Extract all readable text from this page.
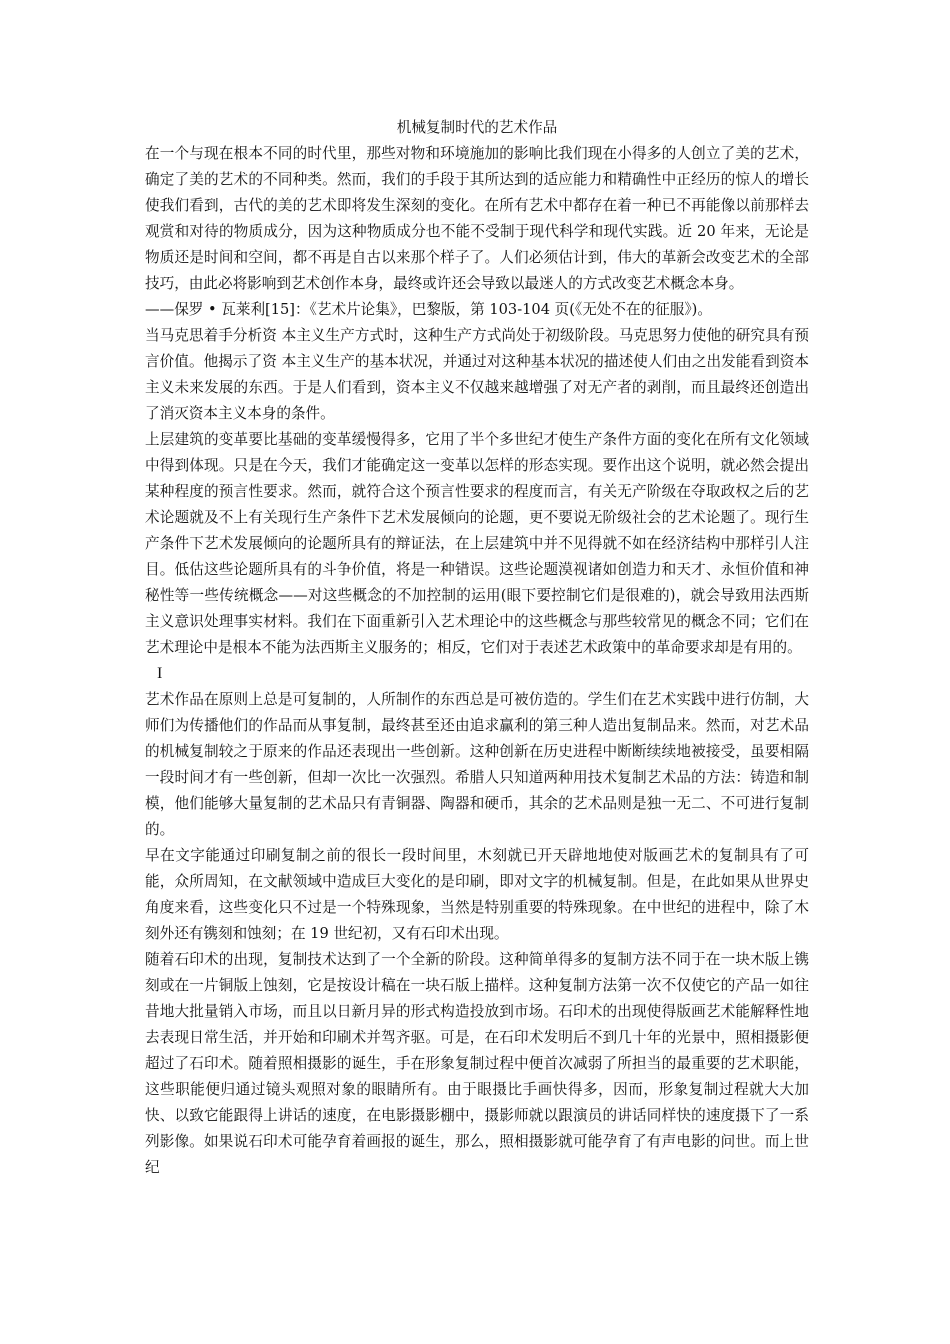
机械复制时代的艺术作品

在一个与现在根本不同的时代里，那些对物和环境施加的影响比我们现在小得多的人创立了美的艺术，确定了美的艺术的不同种类。然而，我们的手段于其所达到的适应能力和精确性中正经历的惊人的增长使我们看到，古代的美的艺术即将发生深刻的变化。在所有艺术中都存在着一种已不再能像以前那样去观赏和对待的物质成分，因为这种物质成分也不能不受制于现代科学和现代实践。近 20 年来，无论是物质还是时间和空间，都不再是自古以来那个样子了。人们必须估计到，伟大的革新会改变艺术的全部技巧，由此必将影响到艺术创作本身，最终或许还会导致以最迷人的方式改变艺术概念本身。

——保罗 • 瓦莱利[15]：《艺术片论集》，巴黎版，第 103-104 页(《无处不在的征服》)。

当马克思着手分析资 本主义生产方式时，这种生产方式尚处于初级阶段。马克思努力使他的研究具有预言价值。他揭示了资 本主义生产的基本状况，并通过对这种基本状况的描述使人们由之出发能看到资本主义未来发展的东西。于是人们看到，资本主义不仅越来越增强了对无产者的剥削，而且最终还创造出了消灭资本主义本身的条件。

上层建筑的变革要比基础的变革缓慢得多，它用了半个多世纪才使生产条件方面的变化在所有文化领域中得到体现。只是在今天，我们才能确定这一变革以怎样的形态实现。要作出这个说明，就必然会提出某种程度的预言性要求。然而，就符合这个预言性要求的程度而言，有关无产阶级在夺取政权之后的艺术论题就及不上有关现行生产条件下艺术发展倾向的论题，更不要说无阶级社会的艺术论题了。现行生产条件下艺术发展倾向的论题所具有的辩证法，在上层建筑中并不见得就不如在经济结构中那样引人注目。低估这些论题所具有的斗争价值，将是一种错误。这些论题漠视诸如创造力和天才、永恒价值和神秘性等一些传统概念——对这些概念的不加控制的运用(眼下要控制它们是很难的)，就会导致用法西斯主义意识处理事实材料。我们在下面重新引入艺术理论中的这些概念与那些较常见的概念不同；它们在艺术理论中是根本不能为法西斯主义服务的；相反，它们对于表述艺术政策中的革命要求却是有用的。

I

艺术作品在原则上总是可复制的，人所制作的东西总是可被仿造的。学生们在艺术实践中进行仿制，大师们为传播他们的作品而从事复制，最终甚至还由追求赢利的第三种人造出复制品来。然而，对艺术品的机械复制较之于原来的作品还表现出一些创新。这种创新在历史进程中断断续续地被接受，虽要相隔一段时间才有一些创新，但却一次比一次强烈。希腊人只知道两种用技术复制艺术品的方法：铸造和制模，他们能够大量复制的艺术品只有青铜器、陶器和硬币，其余的艺术品则是独一无二、不可进行复制的。

早在文字能通过印刷复制之前的很长一段时间里，木刻就已开天辟地地使对版画艺术的复制具有了可能，众所周知，在文献领域中造成巨大变化的是印刷，即对文字的机械复制。但是，在此如果从世界史角度来看，这些变化只不过是一个特殊现象，当然是特别重要的特殊现象。在中世纪的进程中，除了木刻外还有镌刻和蚀刻；在 19 世纪初，又有石印术出现。

随着石印术的出现，复制技术达到了一个全新的阶段。这种简单得多的复制方法不同于在一块木版上镌刻或在一片铜版上蚀刻，它是按设计稿在一块石版上描样。这种复制方法第一次不仅使它的产品一如往昔地大批量销入市场，而且以日新月异的形式构造投放到市场。石印术的出现使得版画艺术能解释性地去表现日常生活，并开始和印刷术并驾齐驱。可是，在石印术发明后不到几十年的光景中，照相摄影便超过了石印术。随着照相摄影的诞生，手在形象复制过程中便首次减弱了所担当的最重要的艺术职能，这些职能便归通过镜头观照对象的眼睛所有。由于眼摄比手画快得多，因而，形象复制过程就大大加快、以致它能跟得上讲话的速度，在电影摄影棚中，摄影师就以跟演员的讲话同样快的速度摄下了一系列影像。如果说石印术可能孕育着画报的诞生，那么，照相摄影就可能孕育了有声电影的问世。而上世纪
